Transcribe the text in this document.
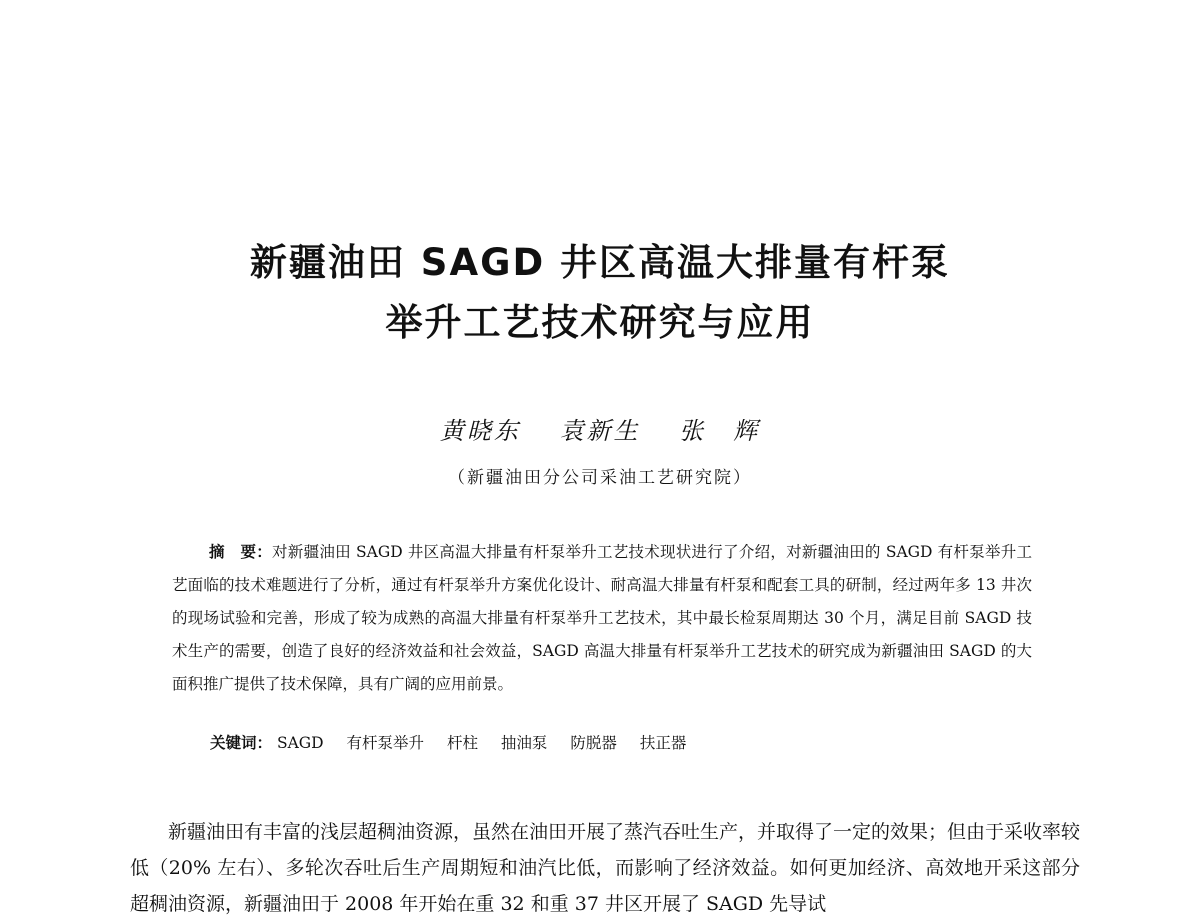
新疆油田 SAGD 井区高温大排量有杆泵
举升工艺技术研究与应用
黄晓东 袁新生 张　辉
（新疆油田分公司采油工艺研究院）
摘　要：对新疆油田 SAGD 井区高温大排量有杆泵举升工艺技术现状进行了介绍，对新疆油田的 SAGD 有杆泵举升工艺面临的技术难题进行了分析，通过有杆泵举升方案优化设计、耐高温大排量有杆泵和配套工具的研制，经过两年多 13 井次的现场试验和完善，形成了较为成熟的高温大排量有杆泵举升工艺技术，其中最长检泵周期达 30 个月，满足目前 SAGD 技术生产的需要，创造了良好的经济效益和社会效益，SAGD 高温大排量有杆泵举升工艺技术的研究成为新疆油田 SAGD 的大面积推广提供了技术保障，具有广阔的应用前景。
关键词： SAGD 有杆泵举升 杆柱 抽油泵 防脱器 扶正器

新疆油田有丰富的浅层超稠油资源，虽然在油田开展了蒸汽吞吐生产，并取得了一定的效果；但由于采收率较低（20% 左右）、多轮次吞吐后生产周期短和油汽比低，而影响了经济效益。如何更加经济、高效地开采这部分超稠油资源，新疆油田于 2008 年开始在重 32 和重 37 井区开展了 SAGD 先导试
